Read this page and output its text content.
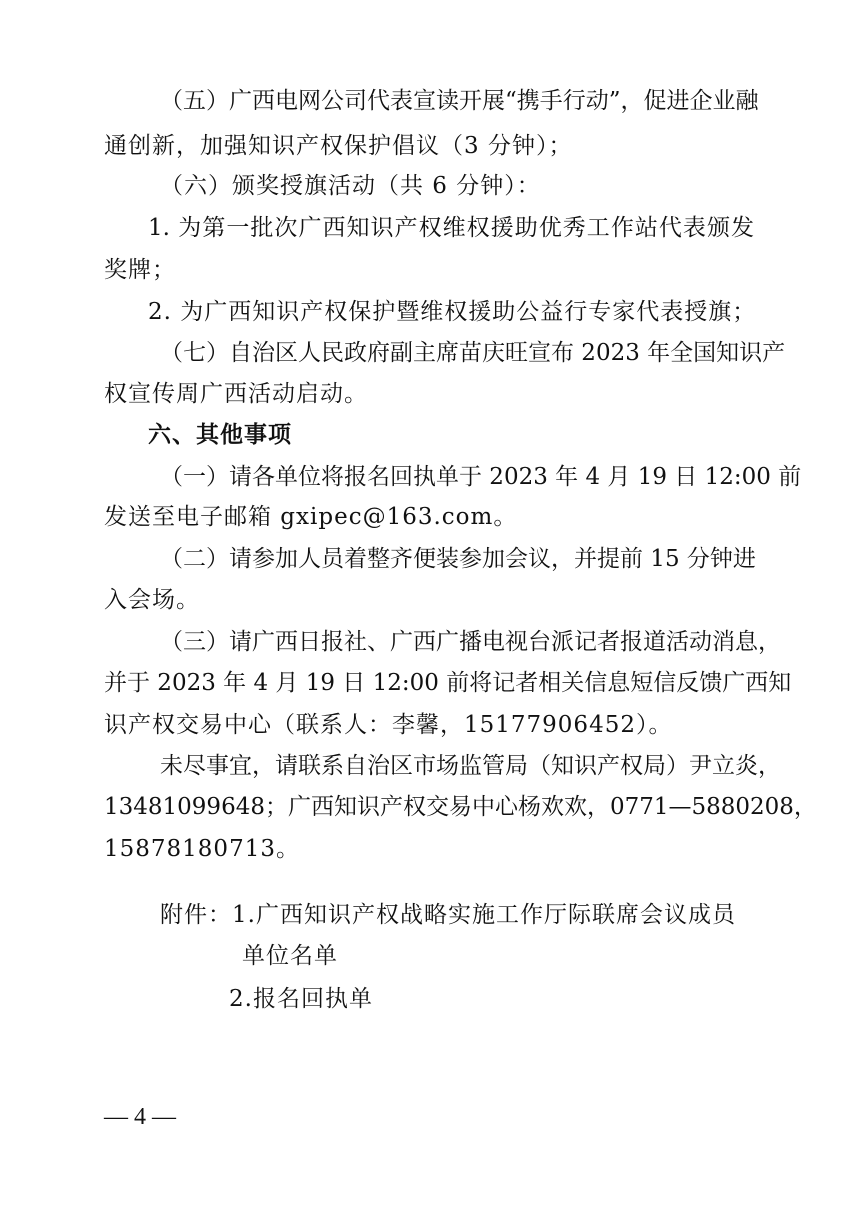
（五）广西电网公司代表宣读开展“携手行动”，促进企业融
通创新，加强知识产权保护倡议（3 分钟）；
（六）颁奖授旗活动（共 6 分钟）：
1. 为第一批次广西知识产权维权援助优秀工作站代表颁发
奖牌；
2. 为广西知识产权保护暨维权援助公益行专家代表授旗；
（七）自治区人民政府副主席苗庆旺宣布 2023 年全国知识产
权宣传周广西活动启动。
六、其他事项
（一）请各单位将报名回执单于 2023 年 4 月 19 日 12:00 前
发送至电子邮箱 gxipec@163.com。
（二）请参加人员着整齐便装参加会议，并提前 15 分钟进
入会场。
（三）请广西日报社、广西广播电视台派记者报道活动消息，
并于 2023 年 4 月 19 日 12:00 前将记者相关信息短信反馈广西知
识产权交易中心（联系人：李馨，15177906452）。
未尽事宜，请联系自治区市场监管局（知识产权局）尹立炎，
13481099648；广西知识产权交易中心杨欢欢，0771—5880208，
15878180713。
附件：1.广西知识产权战略实施工作厅际联席会议成员
单位名单
2.报名回执单
— 4 —
